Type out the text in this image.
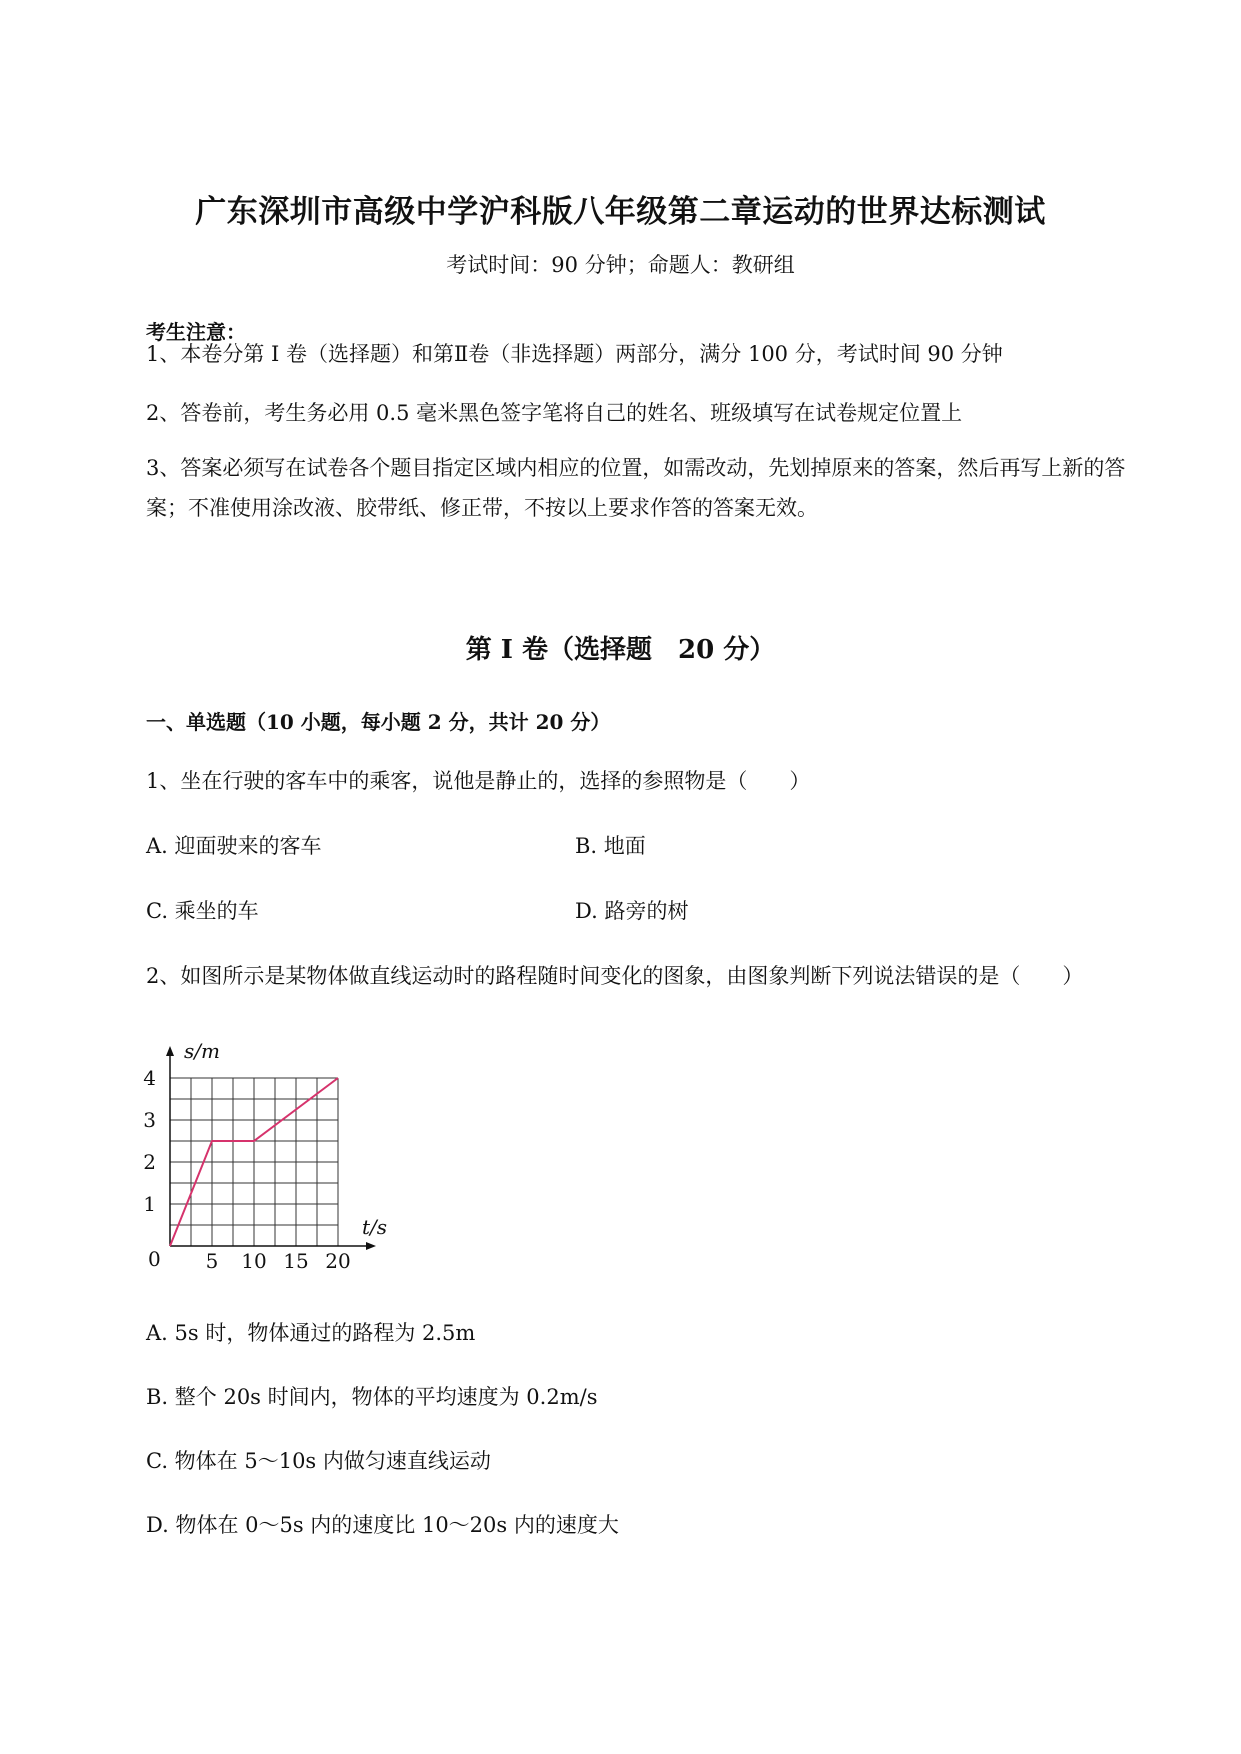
广东深圳市高级中学沪科版八年级第二章运动的世界达标测试
考试时间：90 分钟；命题人：教研组
考生注意：
1、本卷分第 I 卷（选择题）和第Ⅱ卷（非选择题）两部分，满分 100 分，考试时间 90 分钟
2、答卷前，考生务必用 0.5 毫米黑色签字笔将自己的姓名、班级填写在试卷规定位置上
3、答案必须写在试卷各个题目指定区域内相应的位置，如需改动，先划掉原来的答案，然后再写上新的答案；不准使用涂改液、胶带纸、修正带，不按以上要求作答的答案无效。
第 I 卷（选择题　20 分）
一、单选题（10 小题，每小题 2 分，共计 20 分）
1、坐在行驶的客车中的乘客，说他是静止的，选择的参照物是（　　）
A. 迎面驶来的客车	B. 地面
C. 乘坐的车	D. 路旁的树
2、如图所示是某物体做直线运动时的路程随时间变化的图象，由图象判断下列说法错误的是（　　）
s/m
t/s
0 5 10 15 20
1
2
3
4
A. 5s 时，物体通过的路程为 2.5m
B. 整个 20s 时间内，物体的平均速度为 0.2m/s
C. 物体在 5～10s 内做匀速直线运动
D. 物体在 0～5s 内的速度比 10～20s 内的速度大
